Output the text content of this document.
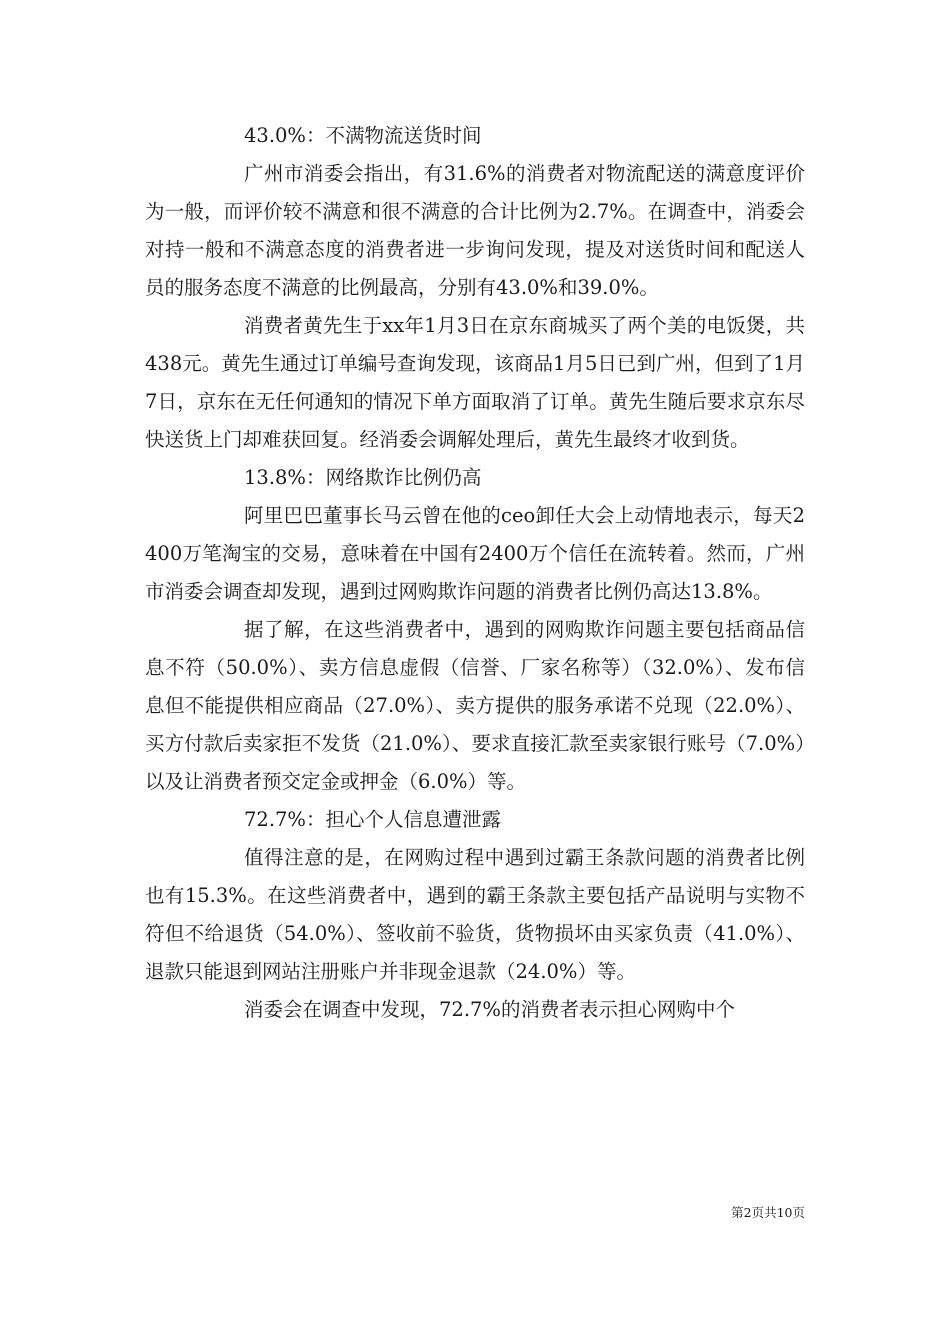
43.0%：不满物流送货时间

广州市消委会指出，有31.6%的消费者对物流配送的满意度评价为一般，而评价较不满意和很不满意的合计比例为2.7%。在调查中，消委会对持一般和不满意态度的消费者进一步询问发现，提及对送货时间和配送人员的服务态度不满意的比例最高，分别有43.0%和39.0%。

消费者黄先生于xx年1月3日在京东商城买了两个美的电饭煲，共438元。黄先生通过订单编号查询发现，该商品1月5日已到广州，但到了1月7日，京东在无任何通知的情况下单方面取消了订单。黄先生随后要求京东尽快送货上门却难获回复。经消委会调解处理后，黄先生最终才收到货。

13.8%：网络欺诈比例仍高

阿里巴巴董事长马云曾在他的ceo卸任大会上动情地表示，每天2400万笔淘宝的交易，意味着在中国有2400万个信任在流转着。然而，广州市消委会调查却发现，遇到过网购欺诈问题的消费者比例仍高达13.8%。

据了解，在这些消费者中，遇到的网购欺诈问题主要包括商品信息不符（50.0%）、卖方信息虚假（信誉、厂家名称等）（32.0%）、发布信息但不能提供相应商品（27.0%）、卖方提供的服务承诺不兑现（22.0%）、买方付款后卖家拒不发货（21.0%）、要求直接汇款至卖家银行账号（7.0%）以及让消费者预交定金或押金（6.0%）等。

72.7%：担心个人信息遭泄露

值得注意的是，在网购过程中遇到过霸王条款问题的消费者比例也有15.3%。在这些消费者中，遇到的霸王条款主要包括产品说明与实物不符但不给退货（54.0%）、签收前不验货，货物损坏由买家负责（41.0%）、退款只能退到网站注册账户并非现金退款（24.0%）等。

消委会在调查中发现，72.7%的消费者表示担心网购中个

第2页共10页
